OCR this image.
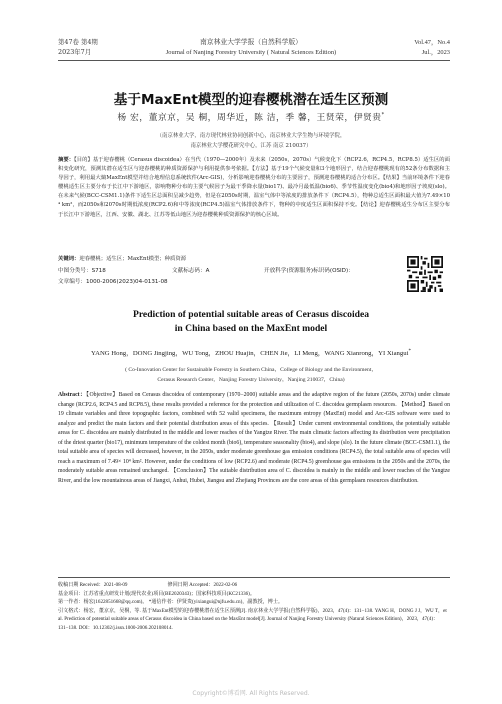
第47卷 第4期
2023年7月
南京林业大学学报（自然科学版）
Journal of Nanjing Forestry University ( Natural Sciences Edition)
Vol.47，No.4
Jul.，2023
基于MaxEnt模型的迎春樱桃潜在适生区预测
杨 宏，董京京，吴 桐，周华近，陈 洁，季 馨，王贤荣，伊贤贵*
（南京林业大学，南方现代林业协同创新中心，南京林业大学生物与环境学院，
南京林业大学樱花研究中心，江苏 南京 210037）
摘要：【目的】基于迎春樱桃（Cerasus discoidea）在当代（1970—2000年）及未来（2050s，2070s）气候变化下（RCP2.6，RCP4.5，RCP8.5）适生区的面积变化研究，预测其潜在适生区与迎春樱桃的种质资源保护与利用提供参考依据。【方法】基于19个气候变量和3个地形因子，结合迎春樱桃现有的52条分布数据和主导因子，利用最大熵MaxEnt模型并结合地理信息系统软件(Arc-GIS)，分析影响迎春樱桃分布的主要因子，预测迎春樱桃的适合分布区。【结果】当前环境条件下迎春樱桃适生区主要分布于长江中下游地区，影响物种分布的主要气候因子为最干季降水量(bio17)、最冷月最低温(bio6)、季节性温度变化(bio4)和地形因子坡度(slo)。在未来气候(BCC-CSM1.1)条件下适生区总面积呈减少趋势，但是在2050s时期，温室气体中等浓度的排放条件下（RCP4.5），物种总适生区面积最大值为7.49×10⁴ km²，而2050s和2070s时期低浓度(RCP2.6)和中等浓度(RCP4.5)温室气体排放条件下，物种的中度适生区面积保持不变。【结论】迎春樱桃适生分布区主要分布于长江中下游地区，江西、安徽、湖北、江苏等低山地区为迎春樱桃种质资源保护的核心区域。
关键词：迎春樱桃；适生区；MaxEnt模型；种质资源
中图分类号：S718	文献标志码：A	开放科学(资源服务)标识码(OSID)：
文章编号：1000-2006(2023)04-0131-08
Prediction of potential suitable areas of Cerasus discoidea
in China based on the MaxEnt model
YANG Hong，DONG Jingjing，WU Tong，ZHOU Huajin，CHEN Jie，LI Meng，WANG Xianrong，YI Xiangui*
( Co-Innovation Center for Sustainable Forestry in Southern China，College of Biology and the Environment，
Cerasus Research Center，Nanjing Forestry University，Nanjing 210037，China)
Abstract：【Objective】Based on Cerasus discoidea of contemporary (1970−2000) suitable areas and the adaptive region of the future (2050s, 2070s) under climate change (RCP2.6, RCP4.5 and RCP8.5), these results provided a reference for the protection and utilization of C. discoidea germplasm resources. 【Method】Based on 19 climate variables and three topographic factors, combined with 52 valid specimens, the maximum entropy (MaxEnt) model and Arc-GIS software were used to analyze and predict the main factors and their potential distribution areas of this species. 【Result】Under current environmental conditions, the potentially suitable areas for C. discoidea are mainly distributed in the middle and lower reaches of the Yangtze River. The main climatic factors affecting its distribution were precipitation of the driest quarter (bio17), minimum temperature of the coldest month (bio6), temperature seasonality (bio4), and slope (slo). In the future climate (BCC-CSM1.1), the total suitable area of species will decreased, however, in the 2050s, under moderate greenhouse gas emission conditions (RCP4.5), the total suitable area of species will reach a maximum of 7.49× 10⁴ km². However, under the conditions of low (RCP2.6) and moderate (RCP4.5) greenhouse gas emissions in the 2050s and the 2070s, the moderately suitable areas remained unchanged. 【Conclusion】The suitable distribution area of C. discoidea is mainly in the middle and lower reaches of the Yangtze River, and the low mountainous areas of Jiangxi, Anhui, Hubei, Jiangsu and Zhejiang Provinces are the core areas of this germplasm resources distribution.
收稿日期 Received：2021-08-09	修回日期 Accepted：2022-02-06
基金项目：江苏省重点研发计划(现代农业)项目(BE2020343)；国家科技项目(KC21336)。
第一作者：杨宏(1622851668@qq.com)。 *通信作者：伊贤贵(yixiangui@njfu.edu.cn)，副教授，博士。
引文格式：杨宏，董京京，吴桐，等. 基于MaxEnt模型的迎春樱桃潜在适生区预测[J]. 南京林业大学学报(自然科学版)，2023，47(4)：131−138. YANG H，DONG J J，WU T，et al. Prediction of potential suitable areas of Cerasus discoidea in China based on the MaxEnt model[J]. Journal of Nanjing Forestry University (Natural Sciences Edition)，2023，47(4)：131−138. DOI：10.12302/j.issn.1000-2006.202108014.
Copyright©博看网. All Rights Reserved.
